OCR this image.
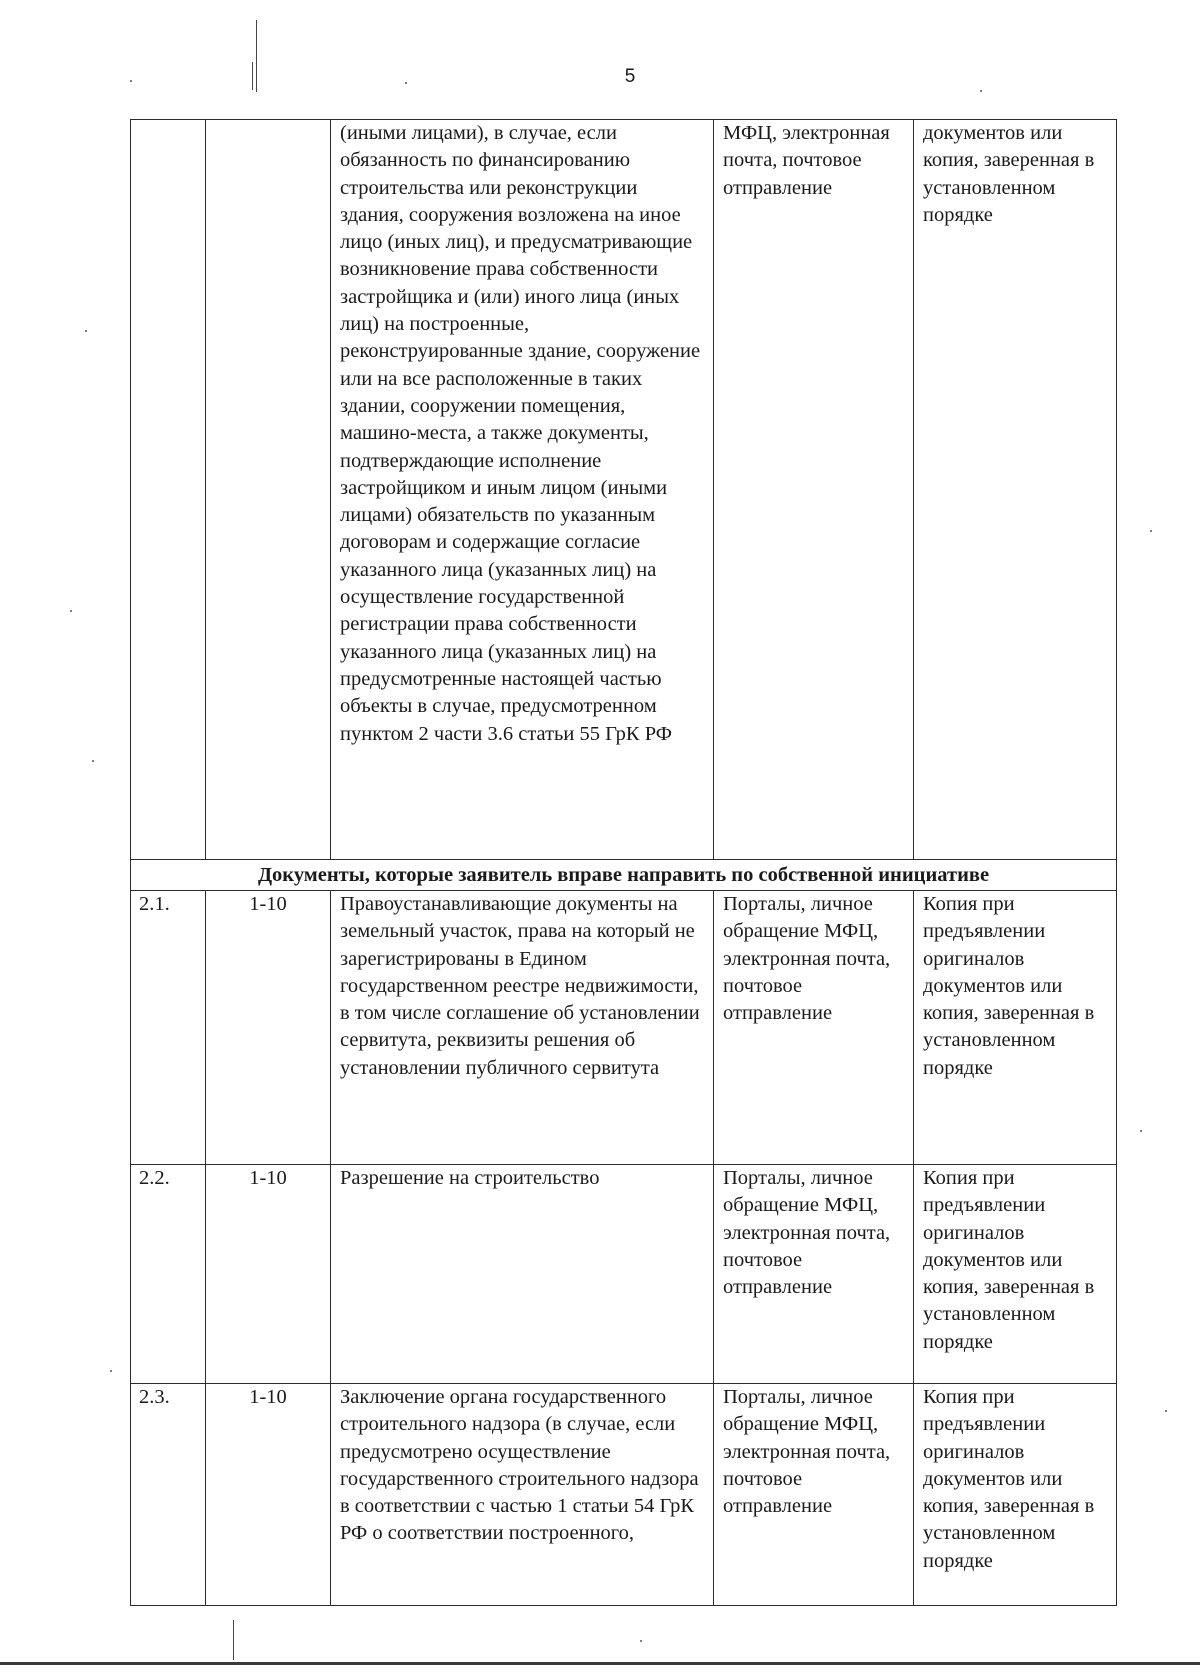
5
		(иными лицами), в случае, если обязанность по финансированию строительства или реконструкции здания, сооружения возложена на иное лицо (иных лиц), и предусматривающие возникновение права собственности застройщика и (или) иного лица (иных лиц) на построенные, реконструированные здание, сооружение или на все расположенные в таких здании, сооружении помещения, машино-места, а также документы, подтверждающие исполнение застройщиком и иным лицом (иными лицами) обязательств по указанным договорам и содержащие согласие указанного лица (указанных лиц) на осуществление государственной регистрации права собственности указанного лица (указанных лиц) на предусмотренные настоящей частью объекты в случае, предусмотренном пунктом 2 части 3.6 статьи 55 ГрК РФ	МФЦ, электронная почта, почтовое отправление	документов или копия, заверенная в установленном порядке
Документы, которые заявитель вправе направить по собственной инициативе				
2.1.	1-10	Правоустанавливающие документы на земельный участок, права на который не зарегистрированы в Едином государственном реестре недвижимости, в том числе соглашение об установлении сервитута, реквизиты решения об установлении публичного сервитута	Порталы, личное обращение МФЦ, электронная почта, почтовое отправление	Копия при предъявлении оригиналов документов или копия, заверенная в установленном порядке
2.2.	1-10	Разрешение на строительство	Порталы, личное обращение МФЦ, электронная почта, почтовое отправление	Копия при предъявлении оригиналов документов или копия, заверенная в установленном порядке
2.3.	1-10	Заключение органа государственного строительного надзора (в случае, если предусмотрено осуществление государственного строительного надзора в соответствии с частью 1 статьи 54 ГрК РФ о соответствии построенного,	Порталы, личное обращение МФЦ, электронная почта, почтовое отправление	Копия при предъявлении оригиналов документов или копия, заверенная в установленном порядке
